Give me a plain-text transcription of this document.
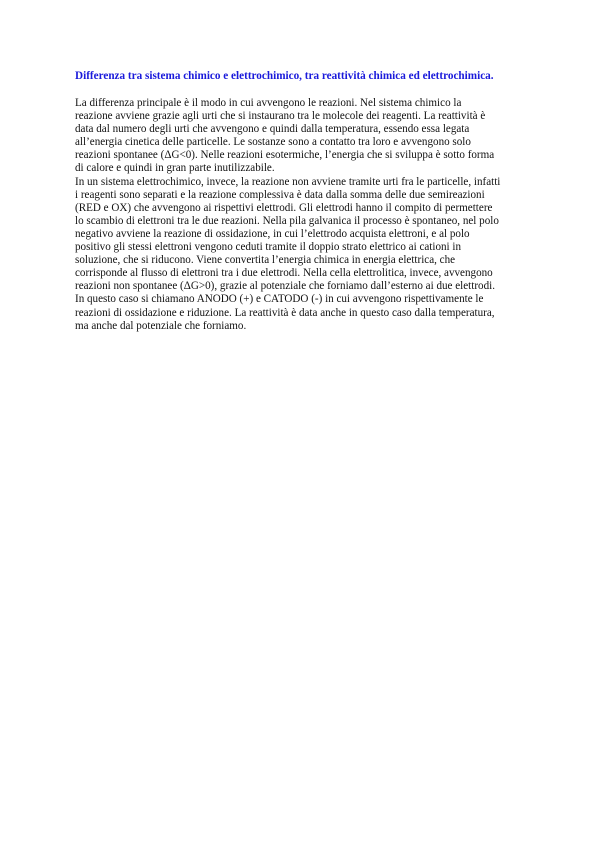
Differenza tra sistema chimico e elettrochimico, tra reattività chimica ed elettrochimica.
La differenza principale è il modo in cui avvengono le reazioni. Nel sistema chimico la
reazione avviene grazie agli urti che si instaurano tra le molecole dei reagenti. La reattività è
data dal numero degli urti che avvengono e quindi dalla temperatura, essendo essa legata
all’energia cinetica delle particelle. Le sostanze sono a contatto tra loro e avvengono solo
reazioni spontanee (ΔG<0). Nelle reazioni esotermiche, l’energia che si sviluppa è sotto forma
di calore e quindi in gran parte inutilizzabile.
In un sistema elettrochimico, invece, la reazione non avviene tramite urti fra le particelle, infatti
i reagenti sono separati e la reazione complessiva è data dalla somma delle due semireazioni
(RED e OX) che avvengono ai rispettivi elettrodi. Gli elettrodi hanno il compito di permettere
lo scambio di elettroni tra le due reazioni. Nella pila galvanica il processo è spontaneo, nel polo
negativo avviene la reazione di ossidazione, in cui l’elettrodo acquista elettroni, e al polo
positivo gli stessi elettroni vengono ceduti tramite il doppio strato elettrico ai cationi in
soluzione, che si riducono. Viene convertita l’energia chimica in energia elettrica, che
corrisponde al flusso di elettroni tra i due elettrodi. Nella cella elettrolitica, invece, avvengono
reazioni non spontanee (ΔG>0), grazie al potenziale che forniamo dall’esterno ai due elettrodi.
In questo caso si chiamano ANODO (+) e CATODO (-) in cui avvengono rispettivamente le
reazioni di ossidazione e riduzione. La reattività è data anche in questo caso dalla temperatura,
ma anche dal potenziale che forniamo.
